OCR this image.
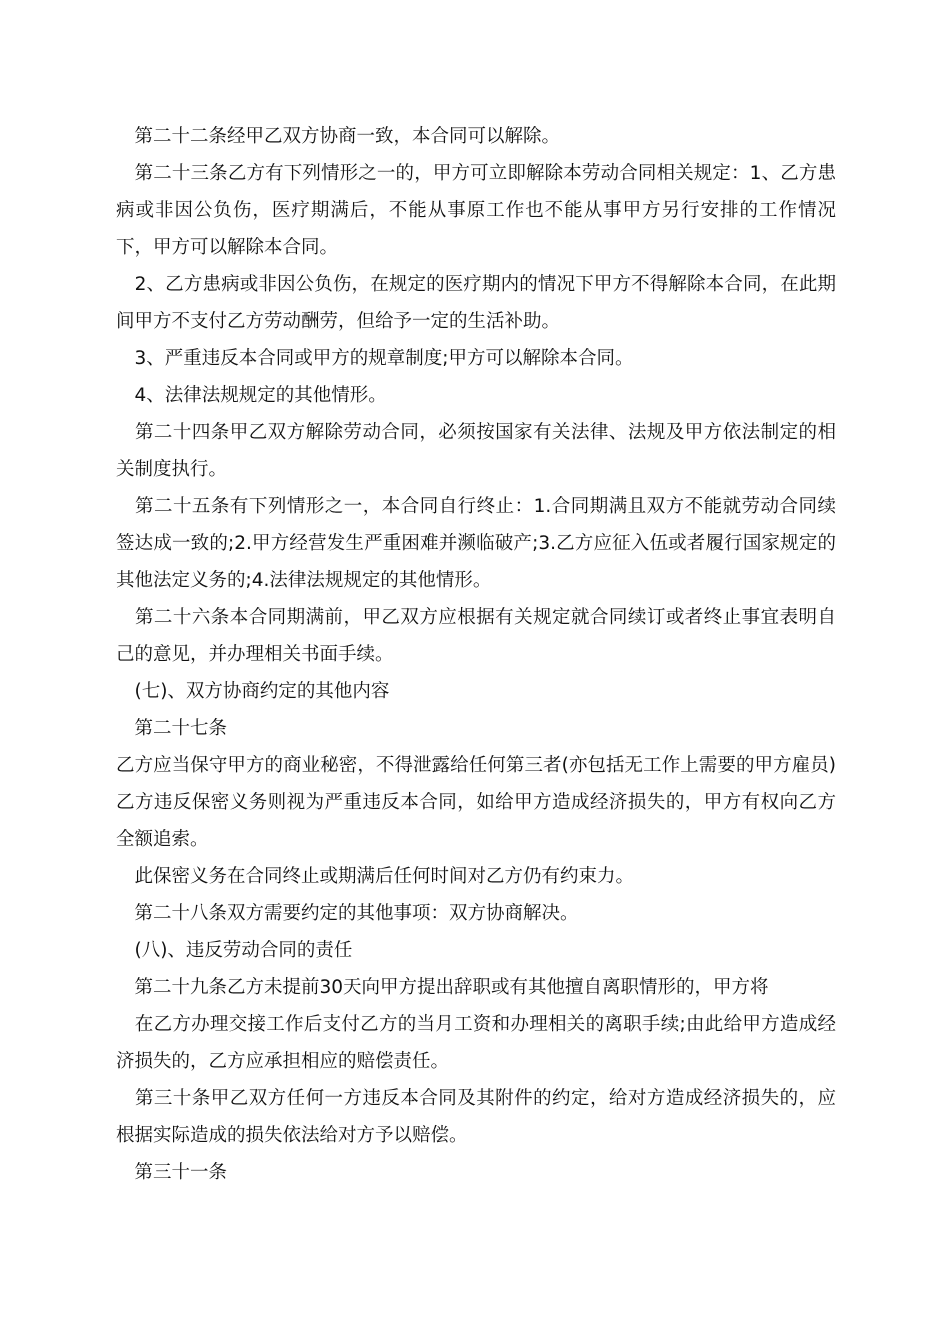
　第二十二条经甲乙双方协商一致，本合同可以解除。

　第二十三条乙方有下列情形之一的，甲方可立即解除本劳动合同相关规定：1、乙方患病或非因公负伤，医疗期满后，不能从事原工作也不能从事甲方另行安排的工作情况下，甲方可以解除本合同。

　2、乙方患病或非因公负伤，在规定的医疗期内的情况下甲方不得解除本合同，在此期间甲方不支付乙方劳动酬劳，但给予一定的生活补助。

　3、严重违反本合同或甲方的规章制度;甲方可以解除本合同。

　4、法律法规规定的其他情形。

　第二十四条甲乙双方解除劳动合同，必须按国家有关法律、法规及甲方依法制定的相关制度执行。

　第二十五条有下列情形之一，本合同自行终止：1.合同期满且双方不能就劳动合同续签达成一致的;2.甲方经营发生严重困难并濒临破产;3.乙方应征入伍或者履行国家规定的其他法定义务的;4.法律法规规定的其他情形。

　第二十六条本合同期满前，甲乙双方应根据有关规定就合同续订或者终止事宜表明自己的意见，并办理相关书面手续。

　(七)、双方协商约定的其他内容

　第二十七条

乙方应当保守甲方的商业秘密，不得泄露给任何第三者(亦包括无工作上需要的甲方雇员)乙方违反保密义务则视为严重违反本合同，如给甲方造成经济损失的，甲方有权向乙方全额追索。

　此保密义务在合同终止或期满后任何时间对乙方仍有约束力。

　第二十八条双方需要约定的其他事项：双方协商解决。

　(八)、违反劳动合同的责任

　第二十九条乙方未提前30天向甲方提出辞职或有其他擅自离职情形的，甲方将

　在乙方办理交接工作后支付乙方的当月工资和办理相关的离职手续;由此给甲方造成经济损失的，乙方应承担相应的赔偿责任。

　第三十条甲乙双方任何一方违反本合同及其附件的约定，给对方造成经济损失的，应根据实际造成的损失依法给对方予以赔偿。

　第三十一条
